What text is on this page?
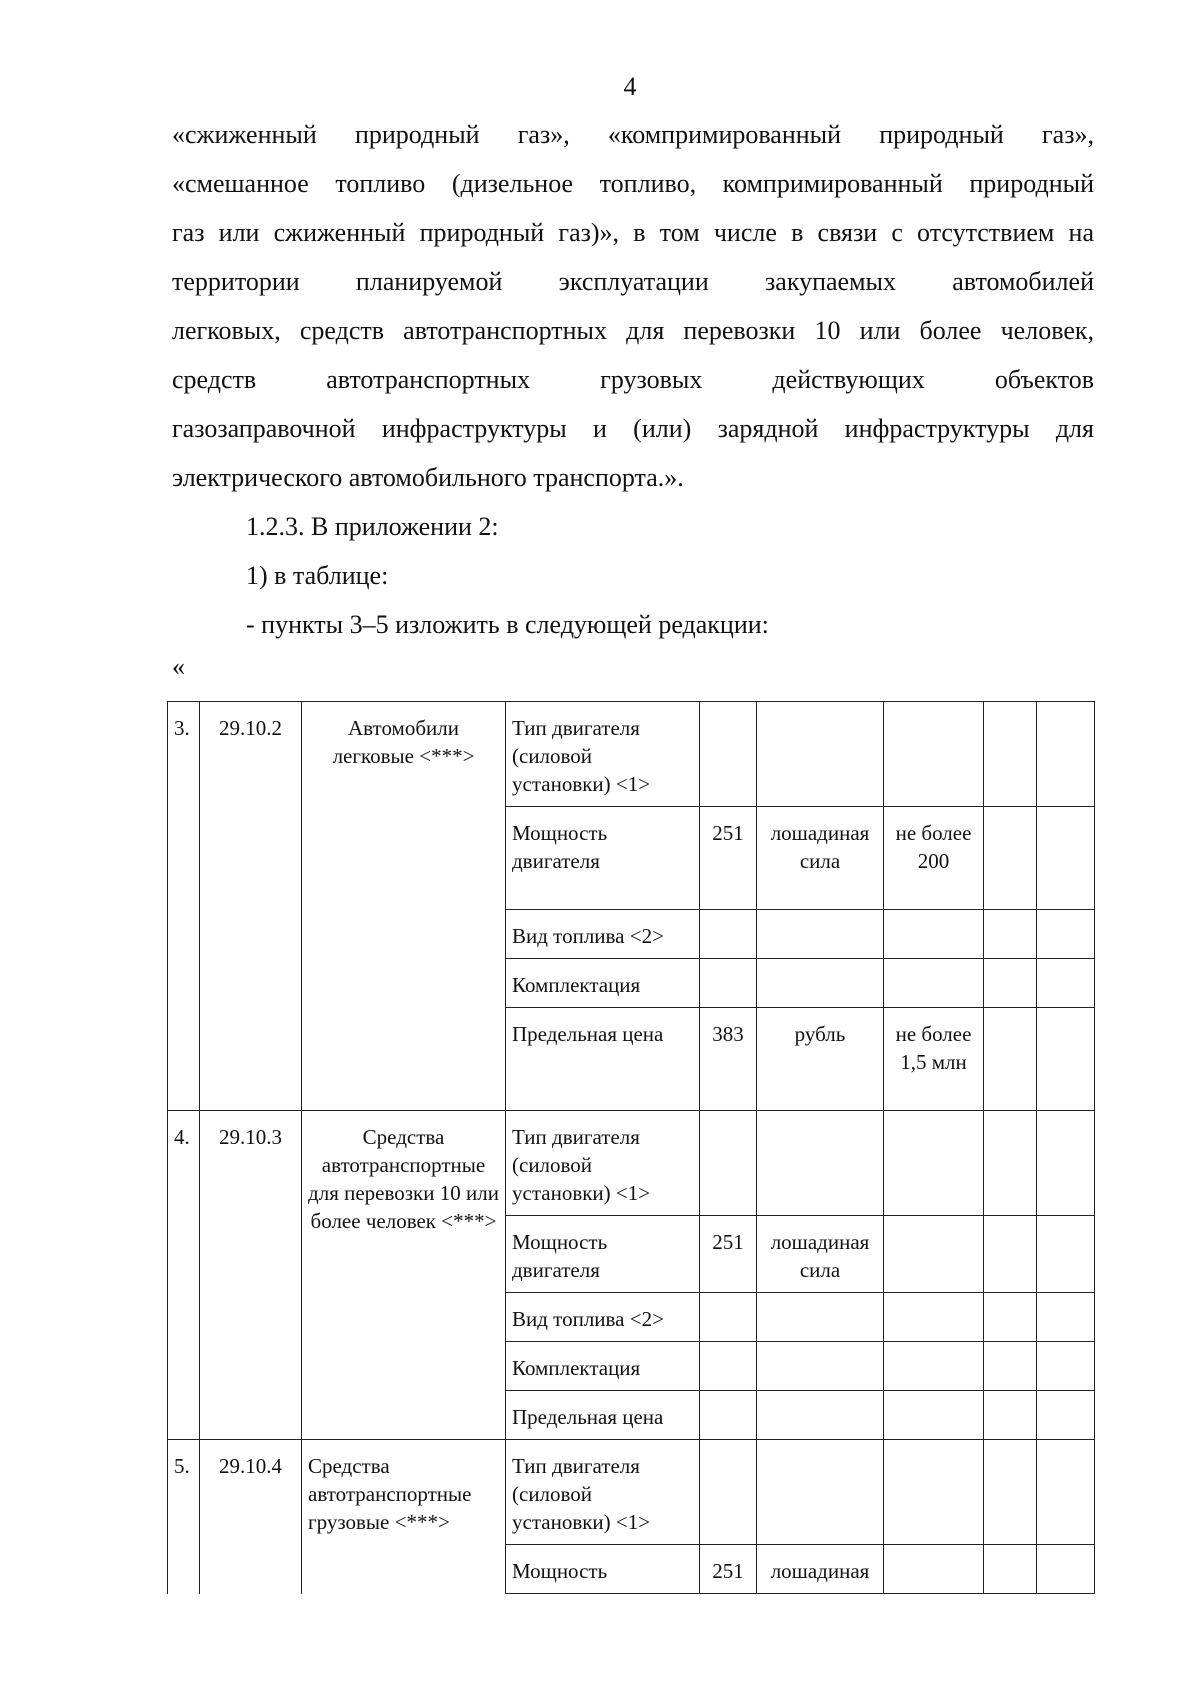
4

«сжиженный природный газ», «компримированный природный газ»,

«смешанное топливо (дизельное топливо, компримированный природный

газ или сжиженный природный газ)», в том числе в связи с отсутствием на

территории планируемой эксплуатации закупаемых автомобилей

легковых, средств автотранспортных для перевозки 10 или более человек,

средств автотранспортных грузовых действующих объектов

газозаправочной инфраструктуры и (или) зарядной инфраструктуры для

электрического автомобильного транспорта.».

1.2.3. В приложении 2:

1) в таблице:

- пункты 3–5 изложить в следующей редакции:

«
3.	29.10.2	Автомобили легковые <***>	Тип двигателя (силовой установки) <1>					
			Мощность двигателя	251	лошадиная сила	не более 200		
			Вид топлива <2>					
			Комплектация					
			Предельная цена	383	рубль	не более 1,5 млн		
4.	29.10.3	Средства автотранспортные для перевозки 10 или более человек <***>	Тип двигателя (силовой установки) <1>					
			Мощность двигателя	251	лошадиная сила			
			Вид топлива <2>					
			Комплектация					
			Предельная цена					
5.	29.10.4	Средства автотранспортные грузовые <***>	Тип двигателя (силовой установки) <1>					
			Мощность	251	лошадиная			
